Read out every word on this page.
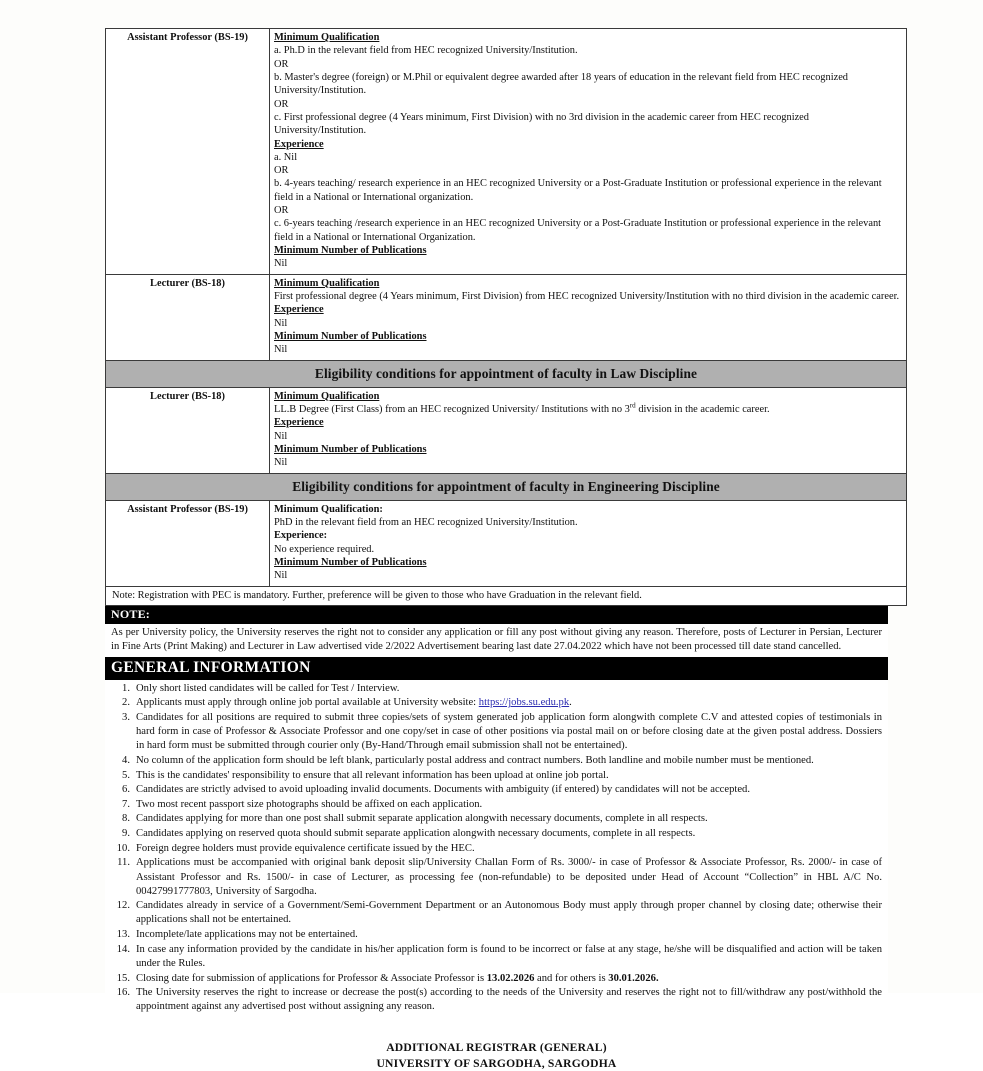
Assistant Professor (BS-19)	Minimum Qualification
a. Ph.D in the relevant field from HEC recognized University/Institution.
OR
b. Master's degree (foreign) or M.Phil or equivalent degree awarded after 18 years of education in the relevant field from HEC recognized University/Institution.
OR
c. First professional degree (4 Years minimum, First Division) with no 3rd division in the academic career from HEC recognized University/Institution.
Experience
a. Nil
OR
b. 4-years teaching/ research experience in an HEC recognized University or a Post-Graduate Institution or professional experience in the relevant field in a National or International organization.
OR
c. 6-years teaching /research experience in an HEC recognized University or a Post-Graduate Institution or professional experience in the relevant field in a National or International Organization.
Minimum Number of Publications
Nil

Lecturer (BS-18)	Minimum Qualification
First professional degree (4 Years minimum, First Division) from HEC recognized University/Institution with no third division in the academic career.
Experience
Nil
Minimum Number of Publications
Nil

Eligibility conditions for appointment of faculty in Law Discipline	
Lecturer (BS-18)	Minimum Qualification
LL.B Degree (First Class) from an HEC recognized University/ Institutions with no 3rd division in the academic career.
Experience
Nil
Minimum Number of Publications
Nil

Eligibility conditions for appointment of faculty in Engineering Discipline	
Assistant Professor (BS-19)	Minimum Qualification:
PhD in the relevant field from an HEC recognized University/Institution.
Experience:
No experience required.
Minimum Number of Publications
Nil

Note: Registration with PEC is mandatory. Further, preference will be given to those who have Graduation in the relevant field.	
NOTE:
As per University policy, the University reserves the right not to consider any application or fill any post without giving any reason. Therefore, posts of Lecturer in Persian, Lecturer in Fine Arts (Print Making) and Lecturer in Law advertised vide 2/2022 Advertisement bearing last date 27.04.2022 which have not been processed till date stand cancelled.
GENERAL INFORMATION
Only short listed candidates will be called for Test / Interview.
Applicants must apply through online job portal available at University website: https://jobs.su.edu.pk.
Candidates for all positions are required to submit three copies/sets of system generated job application form alongwith complete C.V and attested copies of testimonials in hard form in case of Professor & Associate Professor and one copy/set in case of other positions via postal mail on or before closing date at the given postal address. Dossiers in hard form must be submitted through courier only (By-Hand/Through email submission shall not be entertained).
No column of the application form should be left blank, particularly postal address and contract numbers. Both landline and mobile number must be mentioned.
This is the candidates' responsibility to ensure that all relevant information has been upload at online job portal.
Candidates are strictly advised to avoid uploading invalid documents. Documents with ambiguity (if entered) by candidates will not be accepted.
Two most recent passport size photographs should be affixed on each application.
Candidates applying for more than one post shall submit separate application alongwith necessary documents, complete in all respects.
Candidates applying on reserved quota should submit separate application alongwith necessary documents, complete in all respects.
Foreign degree holders must provide equivalence certificate issued by the HEC.
Applications must be accompanied with original bank deposit slip/University Challan Form of Rs. 3000/- in case of Professor & Associate Professor, Rs. 2000/- in case of Assistant Professor and Rs. 1500/- in case of Lecturer, as processing fee (non-refundable) to be deposited under Head of Account “Collection” in HBL A/C No. 00427991777803, University of Sargodha.
Candidates already in service of a Government/Semi-Government Department or an Autonomous Body must apply through proper channel by closing date; otherwise their applications shall not be entertained.
Incomplete/late applications may not be entertained.
In case any information provided by the candidate in his/her application form is found to be incorrect or false at any stage, he/she will be disqualified and action will be taken under the Rules.
Closing date for submission of applications for Professor & Associate Professor is 13.02.2026 and for others is 30.01.2026.
The University reserves the right to increase or decrease the post(s) according to the needs of the University and reserves the right not to fill/withdraw any post/withhold the appointment against any advertised post without assigning any reason.
ADDITIONAL REGISTRAR (GENERAL)
UNIVERSITY OF SARGODHA, SARGODHA
